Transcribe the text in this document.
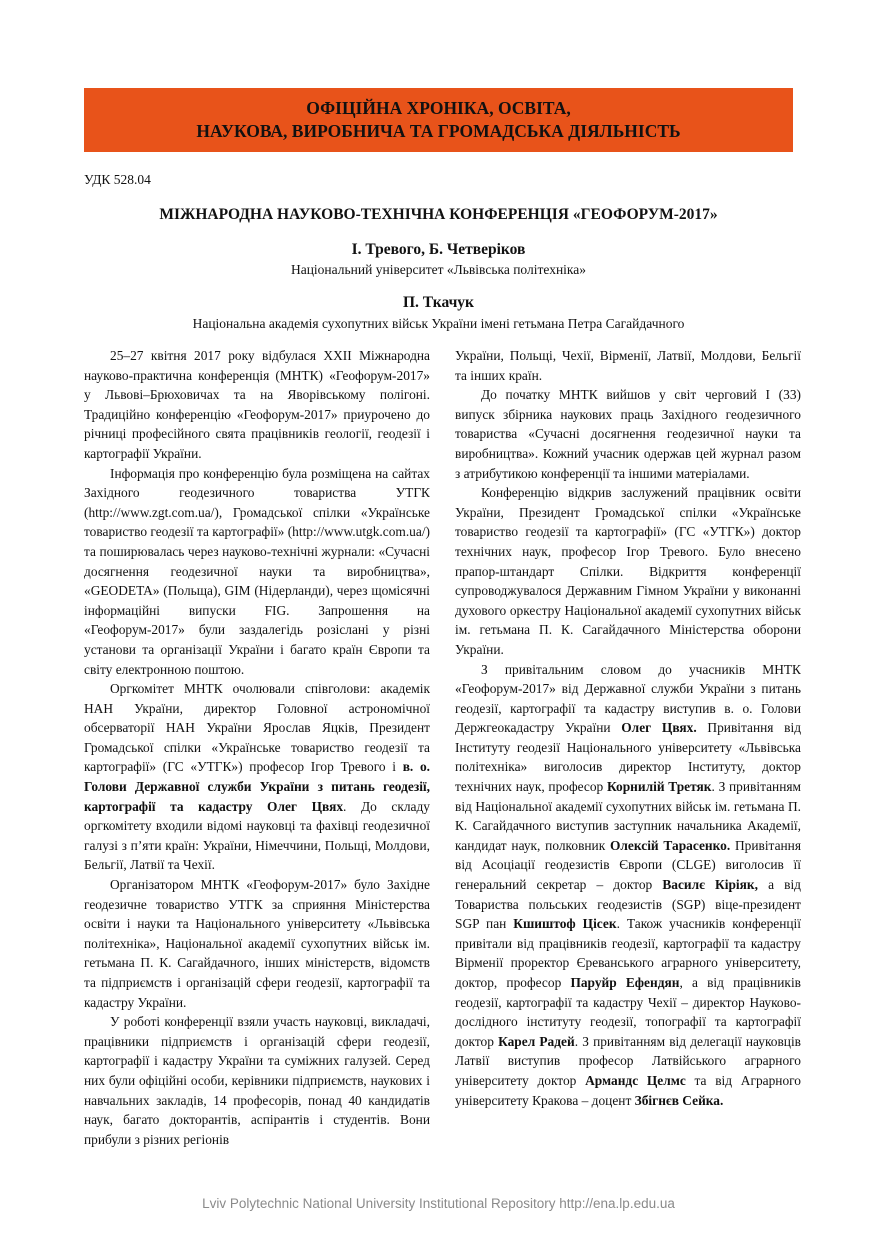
ОФІЦІЙНА ХРОНІКА, ОСВІТА,
НАУКОВА, ВИРОБНИЧА ТА ГРОМАДСЬКА ДІЯЛЬНІСТЬ
УДК 528.04
МІЖНАРОДНА НАУКОВО-ТЕХНІЧНА КОНФЕРЕНЦІЯ «ГЕОФОРУМ-2017»
І. Тревого, Б. Четверіков
Національний університет «Львівська політехніка»
П. Ткачук
Національна академія сухопутних військ України імені гетьмана Петра Сагайдачного

25–27 квітня 2017 року відбулася XXII Міжнародна науково-практична конференція (МНТК) «Геофорум-2017» у Львові–Брюховичах та на Яворівському полігоні. Традиційно конференцію «Геофорум-2017» приурочено до річниці професійного свята працівників геології, геодезії і картографії України.

Інформація про конференцію була розміщена на сайтах Західного геодезичного товариства УТГК (http://www.zgt.com.ua/), Громадської спілки «Українське товариство геодезії та картографії» (http://www.utgk.com.ua/) та поширювалась через науково-технічні журнали: «Сучасні досягнення геодезичної науки та виробництва», «GEODETA» (Польща), GIM (Нідерланди), через щомісячні інформаційні випуски FIG. Запрошення на «Геофорум-2017» були заздалегідь розіслані у різні установи та організації України і багато країн Європи та світу електронною поштою.

Оргкомітет МНТК очолювали співголови: академік НАН України, директор Головної астрономічної обсерваторії НАН України Ярослав Яцків, Президент Громадської спілки «Українське товариство геодезії та картографії» (ГС «УТГК») професор Ігор Тревого і в. о. Голови Державної служби України з питань геодезії, картографії та кадастру Олег Цвях. До складу оргкомітету входили відомі науковці та фахівці геодезичної галузі з п’яти країн: України, Німеччини, Польщі, Молдови, Бельгії, Латвії та Чехії.

Організатором МНТК «Геофорум-2017» було Західне геодезичне товариство УТГК за сприяння Міністерства освіти і науки та Національного університету «Львівська політехніка», Національної академії сухопутних військ ім. гетьмана П. К. Сагайдачного, інших міністерств, відомств та підприємств і організацій сфери геодезії, картографії та кадастру України.

У роботі конференції взяли участь науковці, викладачі, працівники підприємств і організацій сфери геодезії, картографії і кадастру України та суміжних галузей. Серед них були офіційні особи, керівники підприємств, наукових і навчальних закладів, 14 професорів, понад 40 кандидатів наук, багато докторантів, аспірантів і студентів. Вони прибули з різних регіонів

України, Польщі, Чехії, Вірменії, Латвії, Молдови, Бельгії та інших країн.

До початку МНТК вийшов у світ черговий І (33) випуск збірника наукових праць Західного геодезичного товариства «Сучасні досягнення геодезичної науки та виробництва». Кожний учасник одержав цей журнал разом з атрибутикою конференції та іншими матеріалами.

Конференцію відкрив заслужений працівник освіти України, Президент Громадської спілки «Українське товариство геодезії та картографії» (ГС «УТГК») доктор технічних наук, професор Ігор Тревого. Було внесено прапор-штандарт Спілки. Відкриття конференції супроводжувалося Державним Гімном України у виконанні духового оркестру Національної академії сухопутних військ ім. гетьмана П. К. Сагайдачного Міністерства оборони України.

З привітальним словом до учасників МНТК «Геофорум-2017» від Державної служби України з питань геодезії, картографії та кадастру виступив в. о. Голови Держгеокадастру України Олег Цвях. Привітання від Інституту геодезії Національного університету «Львівська політехніка» виголосив директор Інституту, доктор технічних наук, професор Корнилій Третяк. З привітанням від Національної академії сухопутних військ ім. гетьмана П. К. Сагайдачного виступив заступник начальника Академії, кандидат наук, полковник Олексій Тарасенко. Привітання від Асоціації геодезистів Європи (CLGE) виголосив її генеральний секретар – доктор Василє Кіріяк, а від Товариства польських геодезистів (SGP) віце-президент SGP пан Кшиштоф Цісек. Також учасників конференції привітали від працівників геодезії, картографії та кадастру Вірменії проректор Єреванського аграрного університету, доктор, професор Паруйр Ефендян, а від працівників геодезії, картографії та кадастру Чехії – директор Науково-дослідного інституту геодезії, топографії та картографії доктор Карел Радей. З привітанням від делегації науковців Латвії виступив професор Латвійського аграрного університету доктор Армандс Целмс та від Аграрного університету Кракова – доцент Збігнєв Сейка.

Lviv Polytechnic National University Institutional Repository http://ena.lp.edu.ua
